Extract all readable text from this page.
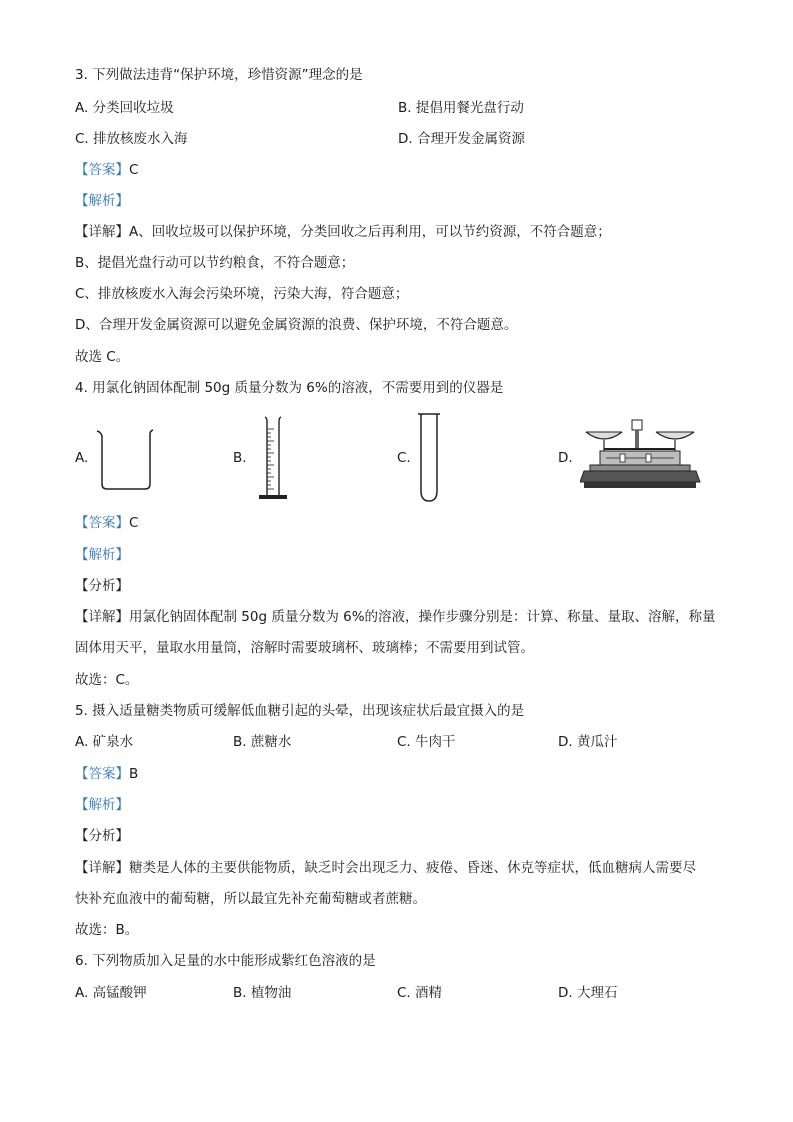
3. 下列做法违背“保护环境，珍惜资源”理念的是
A. 分类回收垃圾	B. 提倡用餐光盘行动
C. 排放核废水入海	D. 合理开发金属资源
【答案】C
【解析】
【详解】A、回收垃圾可以保护环境，分类回收之后再利用，可以节约资源，不符合题意；
B、提倡光盘行动可以节约粮食，不符合题意；
C、排放核废水入海会污染环境，污染大海，符合题意；
D、合理开发金属资源可以避免金属资源的浪费、保护环境，不符合题意。
故选 C。
4. 用氯化钠固体配制 50g 质量分数为 6%的溶液，不需要用到的仪器是
A.	B.	C.	D.
【答案】C
【解析】
【分析】
【详解】用氯化钠固体配制 50g 质量分数为 6%的溶液，操作步骤分别是：计算、称量、量取、溶解，称量
固体用天平，量取水用量筒，溶解时需要玻璃杯、玻璃棒；不需要用到试管。
故选：C。
5. 摄入适量糖类物质可缓解低血糖引起的头晕，出现该症状后最宜摄入的是
A. 矿泉水	B. 蔗糖水	C. 牛肉干	D. 黄瓜汁
【答案】B
【解析】
【分析】
【详解】糖类是人体的主要供能物质，缺乏时会出现乏力、疲倦、昏迷、休克等症状，低血糖病人需要尽
快补充血液中的葡萄糖，所以最宜先补充葡萄糖或者蔗糖。
故选：B。
6. 下列物质加入足量的水中能形成紫红色溶液的是
A. 高锰酸钾	B. 植物油	C. 酒精	D. 大理石
